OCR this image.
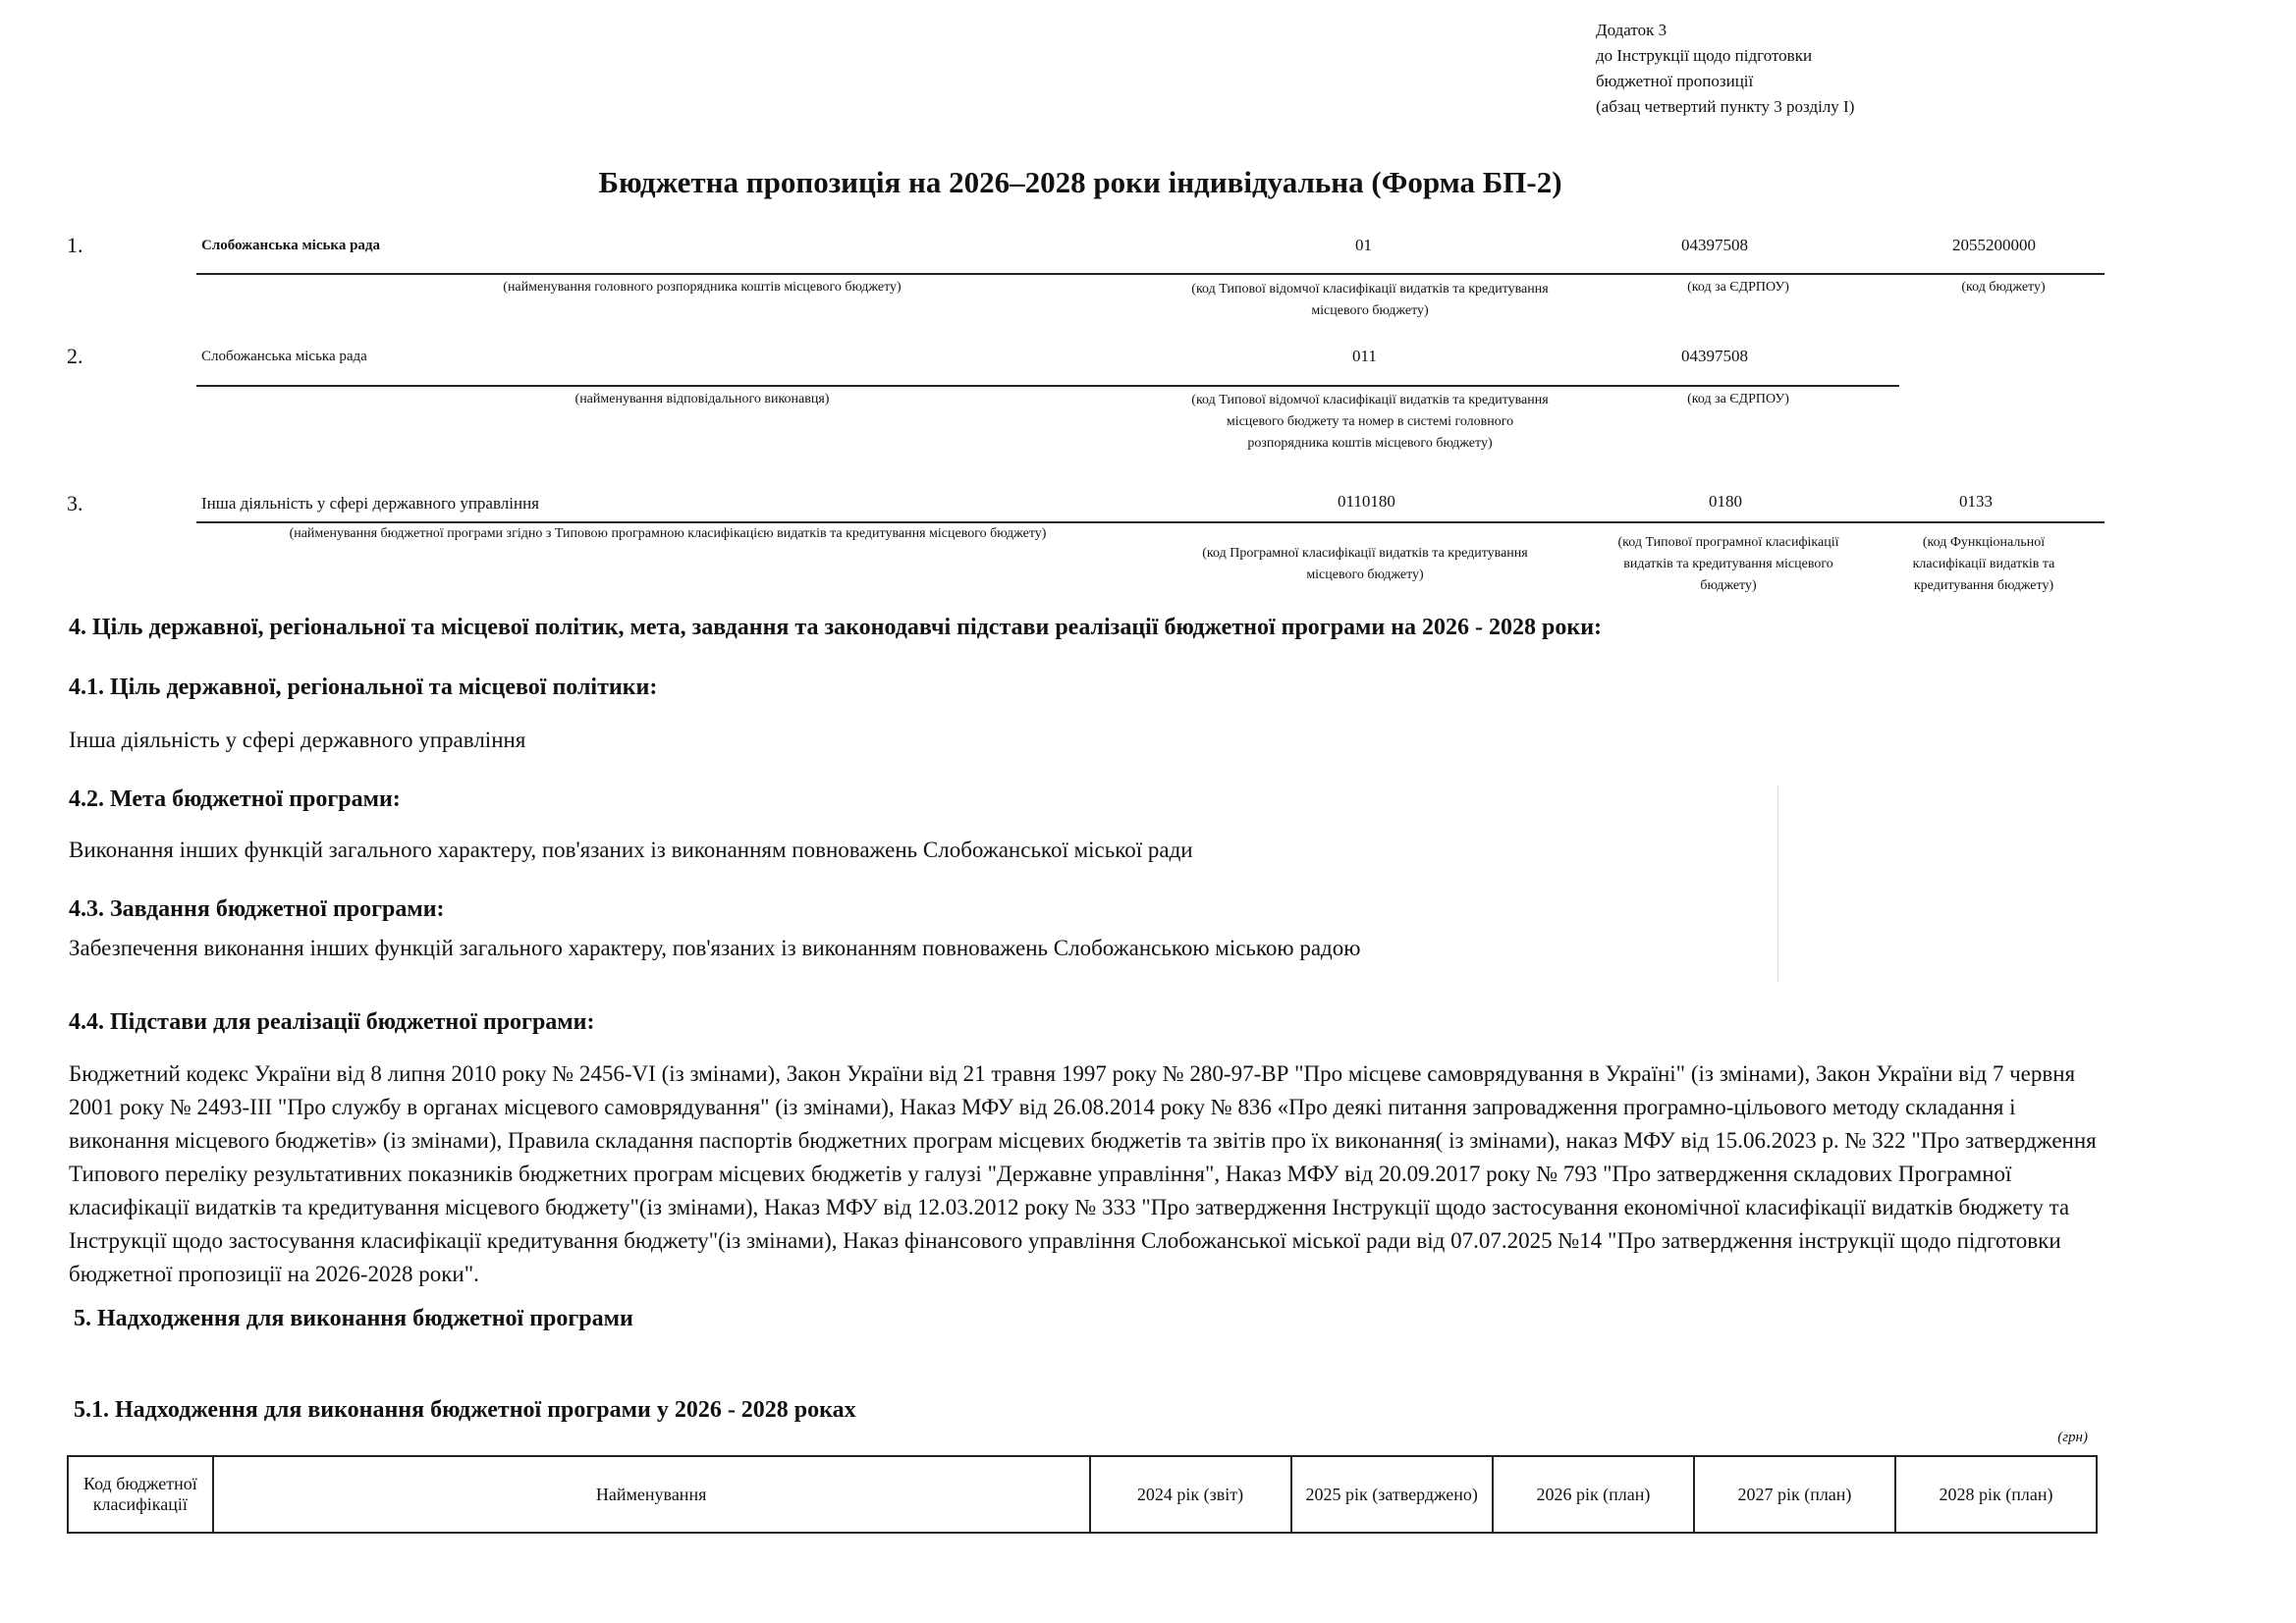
Додаток 3
до Інструкції щодо підготовки
бюджетної пропозиції
(абзац четвертий пункту 3 розділу I)
Бюджетна пропозиція на 2026–2028 роки індивідуальна (Форма БП-2)
1.	Слобожанська міська рада	01	04397508	2055200000
(найменування головного розпорядника коштів місцевого бюджету)	(код Типової відомчої класифікації видатків та кредитування
місцевого бюджету)
(код за ЄДРПОУ)	(код бюджету)
2.	Слобожанська міська рада	011	04397508
(найменування відповідального виконавця)	(код Типової відомчої класифікації видатків та кредитування
місцевого бюджету та номер в системі головного
розпорядника коштів місцевого бюджету)
(код за ЄДРПОУ)
3.	Інша діяльність у сфері державного управління	0110180	0180	0133
(найменування бюджетної програми згідно з Типовою програмною класифікацією видатків та кредитування місцевого бюджету)
(код Програмної класифікації видатків та кредитування
місцевого бюджету)
(код Типової програмної класифікації
видатків та кредитування місцевого
бюджету)
(код Функціональної
класифікації видатків та
кредитування бюджету)
4. Ціль державної, регіональної та місцевої політик, мета, завдання та законодавчі підстави реалізації бюджетної програми на 2026 - 2028 роки:
4.1. Ціль державної, регіональної та місцевої політики:
Інша діяльність у сфері державного управління
4.2. Мета бюджетної програми:
Виконання інших функцій загального характеру, пов'язаних із виконанням повноважень Слобожанської міської ради
4.3. Завдання бюджетної програми:
Забезпечення виконання інших функцій загального характеру, пов'язаних із виконанням повноважень Слобожанською міською радою
4.4. Підстави для реалізації бюджетної програми:
Бюджетний кодекс України від 8 липня 2010 року № 2456-VI (із змінами), Закон України від 21 травня 1997 року № 280-97-ВР "Про місцеве самоврядування в Україні" (із змінами), Закон України від 7 червня 2001 року № 2493-III "Про службу в органах місцевого самоврядування" (із змінами), Наказ МФУ від 26.08.2014 року № 836 «Про деякі питання запровадження програмно-цільового методу складання і виконання місцевого бюджетів» (із змінами), Правила складання паспортів бюджетних програм місцевих бюджетів та звітів про їх виконання( із змінами), наказ МФУ від 15.06.2023 р. № 322 "Про затвердження Типового переліку результативних показників бюджетних програм місцевих бюджетів у галузі "Державне управління", Наказ МФУ від 20.09.2017 року № 793 "Про затвердження складових Програмної класифікації видатків та кредитування місцевого бюджету"(із змінами), Наказ МФУ від 12.03.2012 року № 333 "Про затвердження Інструкції щодо застосування економічної класифікації видатків бюджету та Інструкції щодо застосування класифікації кредитування бюджету"(із змінами), Наказ фінансового управління Слобожанської міської ради від 07.07.2025 №14 "Про затвердження інструкції щодо підготовки бюджетної пропозиції на 2026-2028 роки".
5. Надходження для виконання бюджетної програми
5.1. Надходження для виконання бюджетної програми у 2026 - 2028 роках
(грн)
Код бюджетної класифікації	Найменування	2024 рік (звіт)	2025 рік (затверджено)	2026 рік (план)	2027 рік (план)	2028 рік (план)
